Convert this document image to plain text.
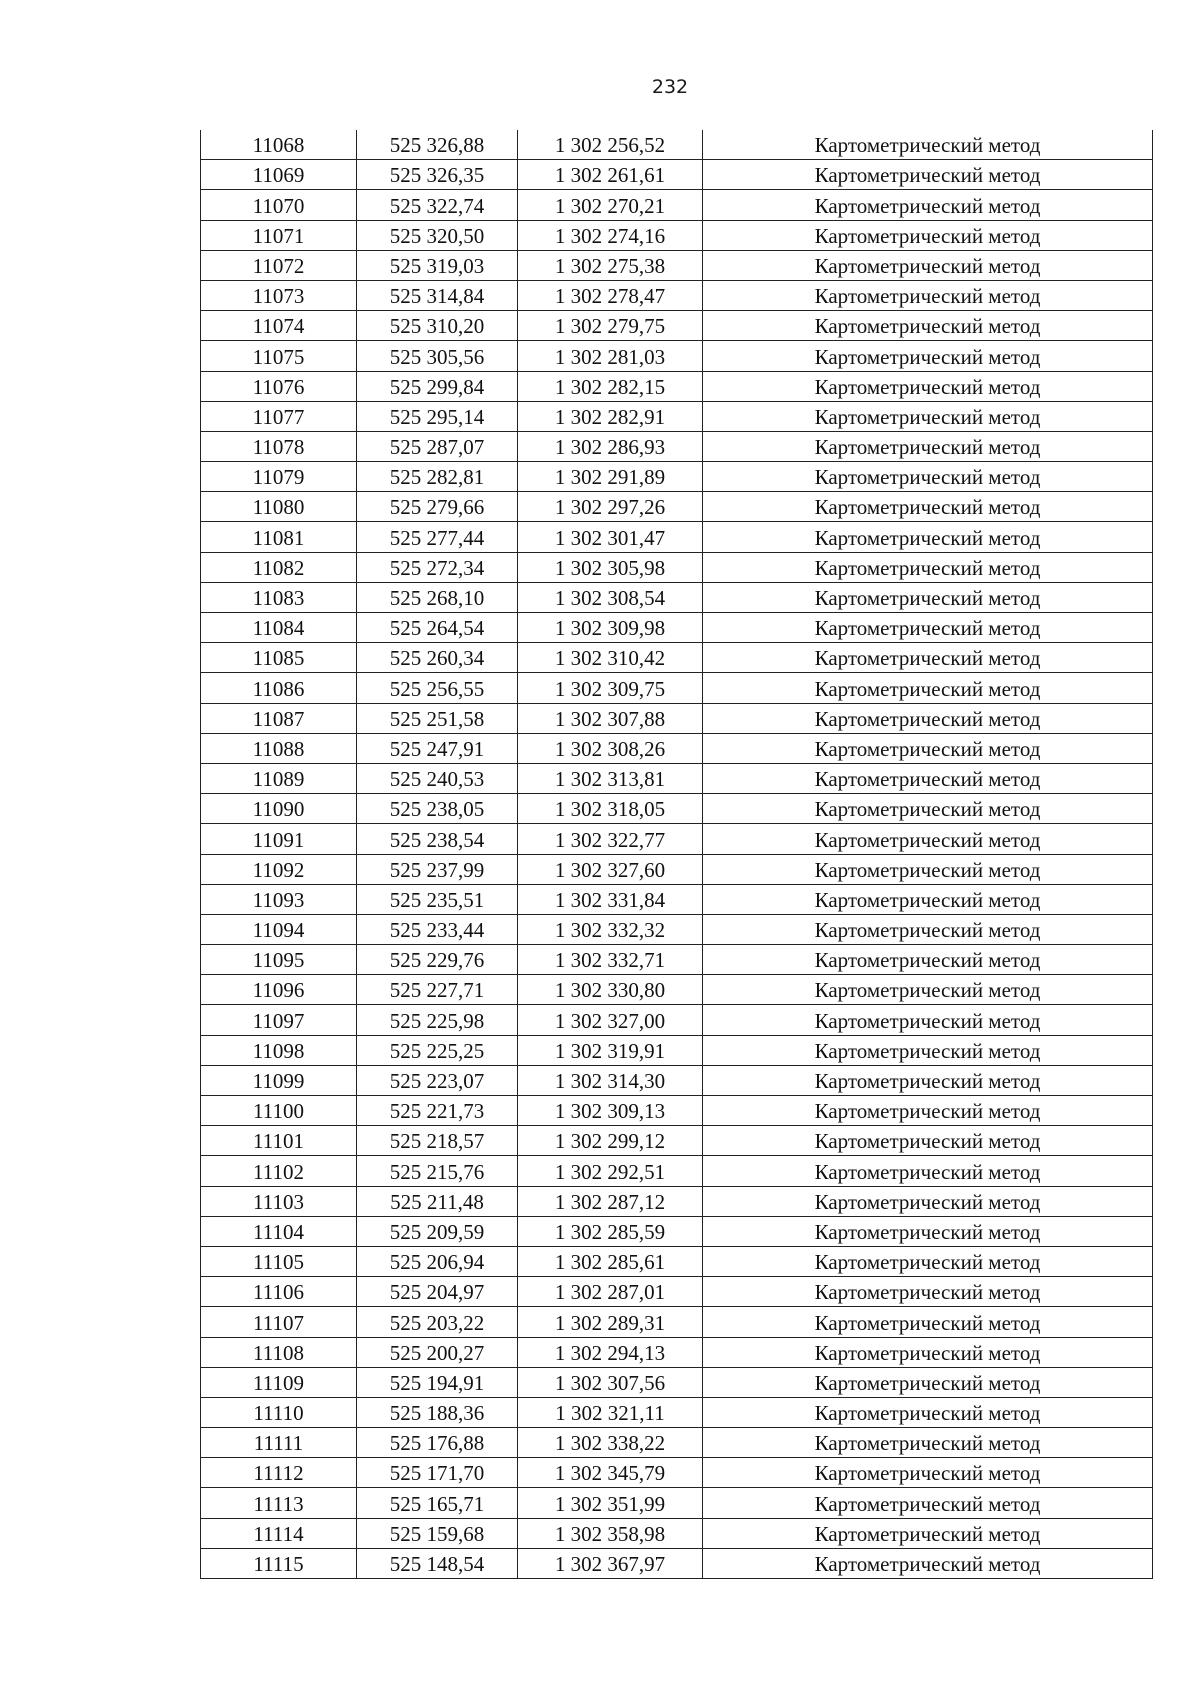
232
11068	525 326,88	1 302 256,52	Картометрический метод
11069	525 326,35	1 302 261,61	Картометрический метод
11070	525 322,74	1 302 270,21	Картометрический метод
11071	525 320,50	1 302 274,16	Картометрический метод
11072	525 319,03	1 302 275,38	Картометрический метод
11073	525 314,84	1 302 278,47	Картометрический метод
11074	525 310,20	1 302 279,75	Картометрический метод
11075	525 305,56	1 302 281,03	Картометрический метод
11076	525 299,84	1 302 282,15	Картометрический метод
11077	525 295,14	1 302 282,91	Картометрический метод
11078	525 287,07	1 302 286,93	Картометрический метод
11079	525 282,81	1 302 291,89	Картометрический метод
11080	525 279,66	1 302 297,26	Картометрический метод
11081	525 277,44	1 302 301,47	Картометрический метод
11082	525 272,34	1 302 305,98	Картометрический метод
11083	525 268,10	1 302 308,54	Картометрический метод
11084	525 264,54	1 302 309,98	Картометрический метод
11085	525 260,34	1 302 310,42	Картометрический метод
11086	525 256,55	1 302 309,75	Картометрический метод
11087	525 251,58	1 302 307,88	Картометрический метод
11088	525 247,91	1 302 308,26	Картометрический метод
11089	525 240,53	1 302 313,81	Картометрический метод
11090	525 238,05	1 302 318,05	Картометрический метод
11091	525 238,54	1 302 322,77	Картометрический метод
11092	525 237,99	1 302 327,60	Картометрический метод
11093	525 235,51	1 302 331,84	Картометрический метод
11094	525 233,44	1 302 332,32	Картометрический метод
11095	525 229,76	1 302 332,71	Картометрический метод
11096	525 227,71	1 302 330,80	Картометрический метод
11097	525 225,98	1 302 327,00	Картометрический метод
11098	525 225,25	1 302 319,91	Картометрический метод
11099	525 223,07	1 302 314,30	Картометрический метод
11100	525 221,73	1 302 309,13	Картометрический метод
11101	525 218,57	1 302 299,12	Картометрический метод
11102	525 215,76	1 302 292,51	Картометрический метод
11103	525 211,48	1 302 287,12	Картометрический метод
11104	525 209,59	1 302 285,59	Картометрический метод
11105	525 206,94	1 302 285,61	Картометрический метод
11106	525 204,97	1 302 287,01	Картометрический метод
11107	525 203,22	1 302 289,31	Картометрический метод
11108	525 200,27	1 302 294,13	Картометрический метод
11109	525 194,91	1 302 307,56	Картометрический метод
11110	525 188,36	1 302 321,11	Картометрический метод
11111	525 176,88	1 302 338,22	Картометрический метод
11112	525 171,70	1 302 345,79	Картометрический метод
11113	525 165,71	1 302 351,99	Картометрический метод
11114	525 159,68	1 302 358,98	Картометрический метод
11115	525 148,54	1 302 367,97	Картометрический метод
